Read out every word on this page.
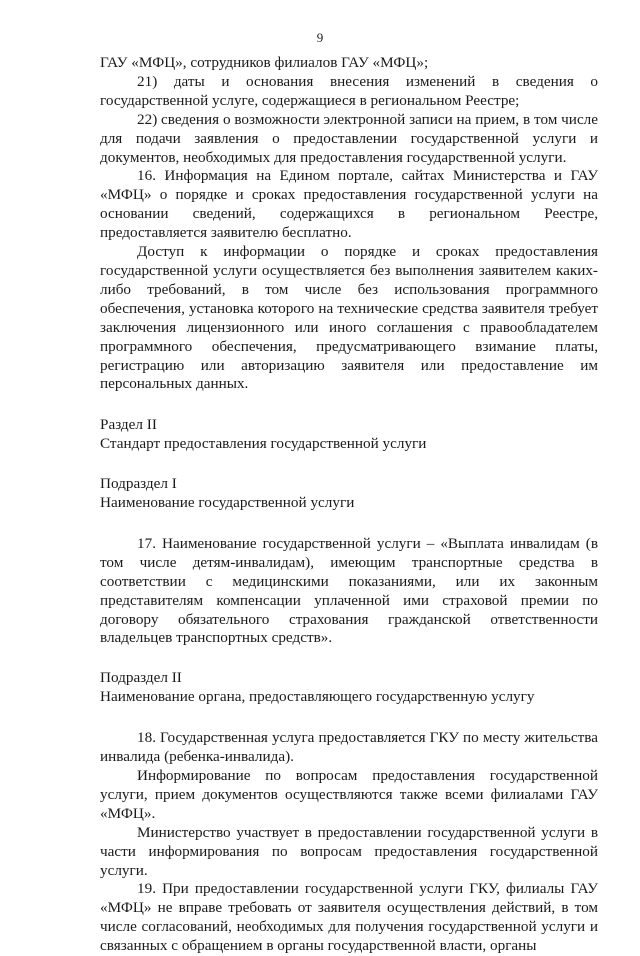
9

ГАУ «МФЦ», сотрудников филиалов ГАУ «МФЦ»;

21) даты и основания внесения изменений в сведения о государственной услуге, содержащиеся в региональном Реестре;

22) сведения о возможности электронной записи на прием, в том числе для подачи заявления о предоставлении государственной услуги и документов, необходимых для предоставления государственной услуги.

16. Информация на Едином портале, сайтах Министерства и ГАУ «МФЦ» о порядке и сроках предоставления государственной услуги на основании сведений, содержащихся в региональном Реестре, предоставляется заявителю бесплатно.

Доступ к информации о порядке и сроках предоставления государственной услуги осуществляется без выполнения заявителем каких-либо требований, в том числе без использования программного обеспечения, установка которого на технические средства заявителя требует заключения лицензионного или иного соглашения с правообладателем программного обеспечения, предусматривающего взимание платы, регистрацию или авторизацию заявителя или предоставление им персональных данных.

Раздел II

Стандарт предоставления государственной услуги

Подраздел I

Наименование государственной услуги

17. Наименование государственной услуги – «Выплата инвалидам (в том числе детям-инвалидам), имеющим транспортные средства в соответствии с медицинскими показаниями, или их законным представителям компенсации уплаченной ими страховой премии по договору обязательного страхования гражданской ответственности владельцев транспортных средств».

Подраздел II

Наименование органа, предоставляющего государственную услугу

18. Государственная услуга предоставляется ГКУ по месту жительства инвалида (ребенка-инвалида).

Информирование по вопросам предоставления государственной услуги, прием документов осуществляются также всеми филиалами ГАУ «МФЦ».

Министерство участвует в предоставлении государственной услуги в части информирования по вопросам предоставления государственной услуги.

19. При предоставлении государственной услуги ГКУ, филиалы ГАУ «МФЦ» не вправе требовать от заявителя осуществления действий, в том числе согласований, необходимых для получения государственной услуги и связанных с обращением в органы государственной власти, органы
